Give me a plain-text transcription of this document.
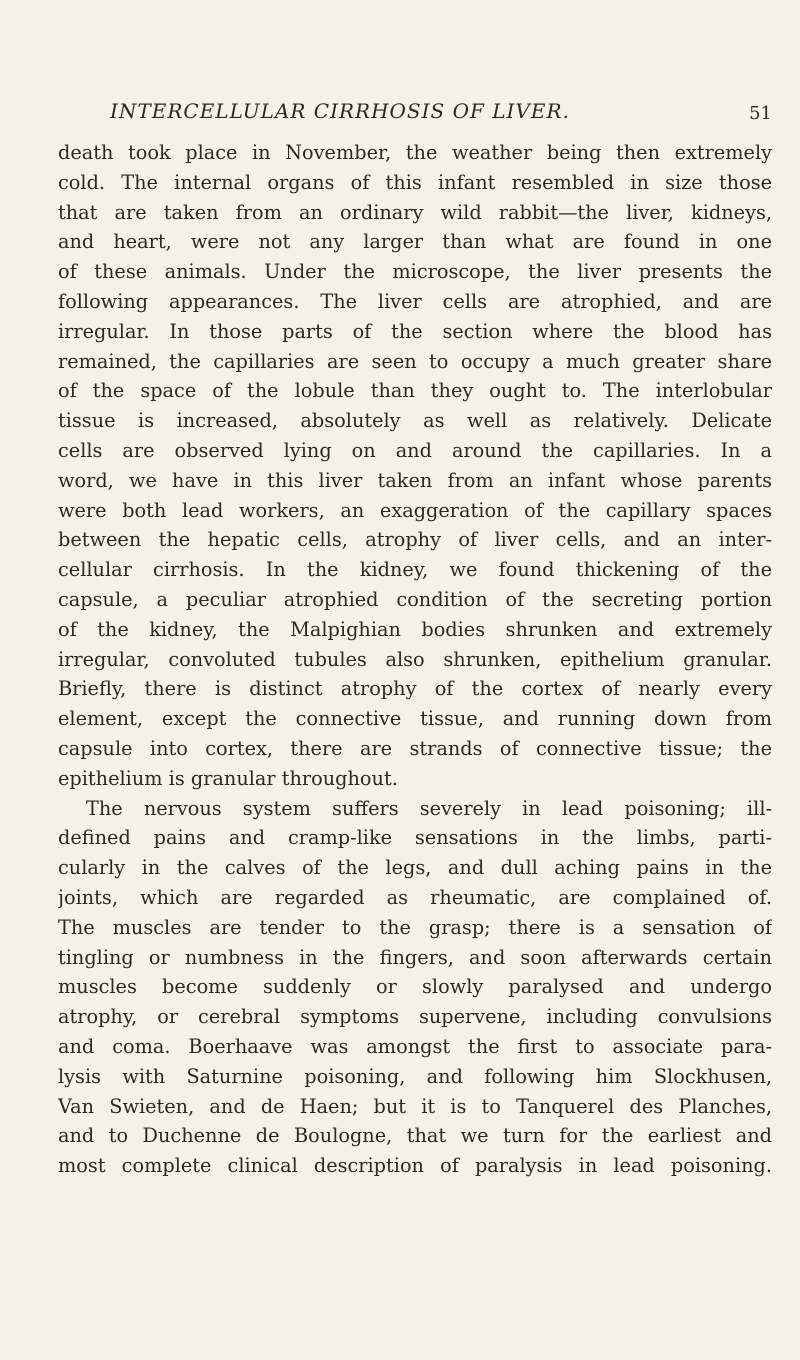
INTERCELLULAR CIRRHOSIS OF LIVER.	51
death took place in November, the weather being then extremely
cold. The internal organs of this infant resembled in size those
that are taken from an ordinary wild rabbit—the liver, kidneys,
and heart, were not any larger than what are found in one
of these animals. Under the microscope, the liver presents the
following appearances. The liver cells are atrophied, and are
irregular. In those parts of the section where the blood has
remained, the capillaries are seen to occupy a much greater share
of the space of the lobule than they ought to. The interlobular
tissue is increased, absolutely as well as relatively. Delicate
cells are observed lying on and around the capillaries. In a
word, we have in this liver taken from an infant whose parents
were both lead workers, an exaggeration of the capillary spaces
between the hepatic cells, atrophy of liver cells, and an inter-
cellular cirrhosis. In the kidney, we found thickening of the
capsule, a peculiar atrophied condition of the secreting portion
of the kidney, the Malpighian bodies shrunken and extremely
irregular, convoluted tubules also shrunken, epithelium granular.
Briefly, there is distinct atrophy of the cortex of nearly every
element, except the connective tissue, and running down from
capsule into cortex, there are strands of connective tissue; the
epithelium is granular throughout.
The nervous system suffers severely in lead poisoning; ill-
defined pains and cramp-like sensations in the limbs, parti-
cularly in the calves of the legs, and dull aching pains in the
joints, which are regarded as rheumatic, are complained of.
The muscles are tender to the grasp; there is a sensation of
tingling or numbness in the fingers, and soon afterwards certain
muscles become suddenly or slowly paralysed and undergo
atrophy, or cerebral symptoms supervene, including convulsions
and coma. Boerhaave was amongst the first to associate para-
lysis with Saturnine poisoning, and following him Slockhusen,
Van Swieten, and de Haen; but it is to Tanquerel des Planches,
and to Duchenne de Boulogne, that we turn for the earliest and
most complete clinical description of paralysis in lead poisoning.
